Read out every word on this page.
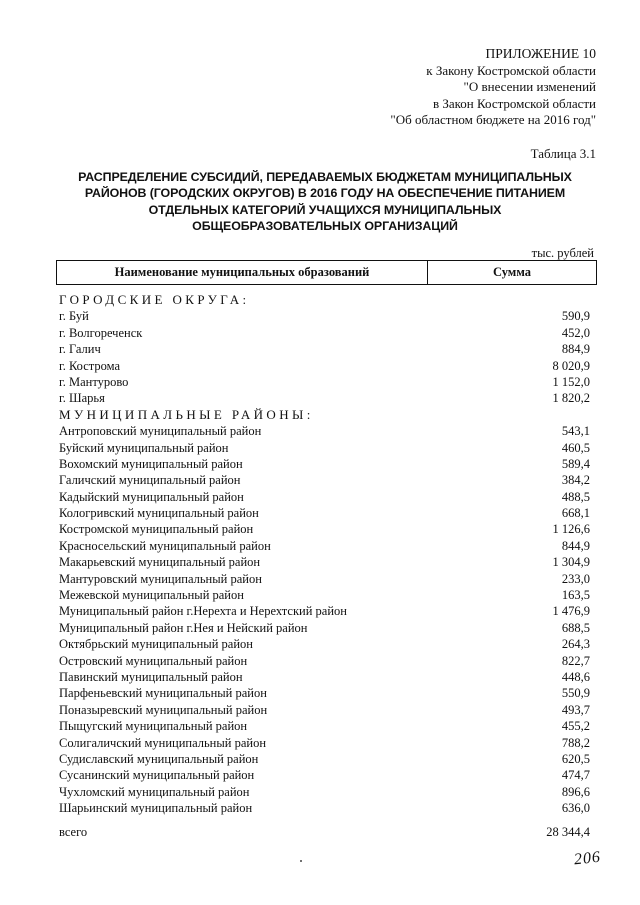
ПРИЛОЖЕНИЕ 10
к Закону Костромской области
"О внесении изменений
в Закон Костромской области
"Об областном бюджете на 2016 год"
Таблица 3.1
РАСПРЕДЕЛЕНИЕ СУБСИДИЙ, ПЕРЕДАВАЕМЫХ БЮДЖЕТАМ МУНИЦИПАЛЬНЫХ
РАЙОНОВ (ГОРОДСКИХ ОКРУГОВ) В 2016 ГОДУ НА ОБЕСПЕЧЕНИЕ ПИТАНИЕМ
ОТДЕЛЬНЫХ КАТЕГОРИЙ УЧАЩИХСЯ МУНИЦИПАЛЬНЫХ
ОБЩЕОБРАЗОВАТЕЛЬНЫХ ОРГАНИЗАЦИЙ
тыс. рублей
Наименование муниципальных образований	Сумма
ГОРОДСКИЕ ОКРУГА:
г. Буй	590,9
г. Волгореченск	452,0
г. Галич	884,9
г. Кострома	8 020,9
г. Мантурово	1 152,0
г. Шарья	1 820,2
МУНИЦИПАЛЬНЫЕ РАЙОНЫ:
Антроповский муниципальный район	543,1
Буйский муниципальный район	460,5
Вохомский муниципальный район	589,4
Галичский муниципальный район	384,2
Кадыйский муниципальный район	488,5
Кологривский муниципальный район	668,1
Костромской муниципальный район	1 126,6
Красносельский муниципальный район	844,9
Макарьевский муниципальный район	1 304,9
Мантуровский муниципальный район	233,0
Межевской муниципальный район	163,5
Муниципальный район г.Нерехта и Нерехтский район	1 476,9
Муниципальный район г.Нея и Нейский район	688,5
Октябрьский муниципальный район	264,3
Островский муниципальный район	822,7
Павинский муниципальный район	448,6
Парфеньевский муниципальный район	550,9
Поназыревский муниципальный район	493,7
Пыщугский муниципальный район	455,2
Солигаличский муниципальный район	788,2
Судиславский муниципальный район	620,5
Сусанинский муниципальный район	474,7
Чухломский муниципальный район	896,6
Шарьинский муниципальный район	636,0
всего	28 344,4
206
